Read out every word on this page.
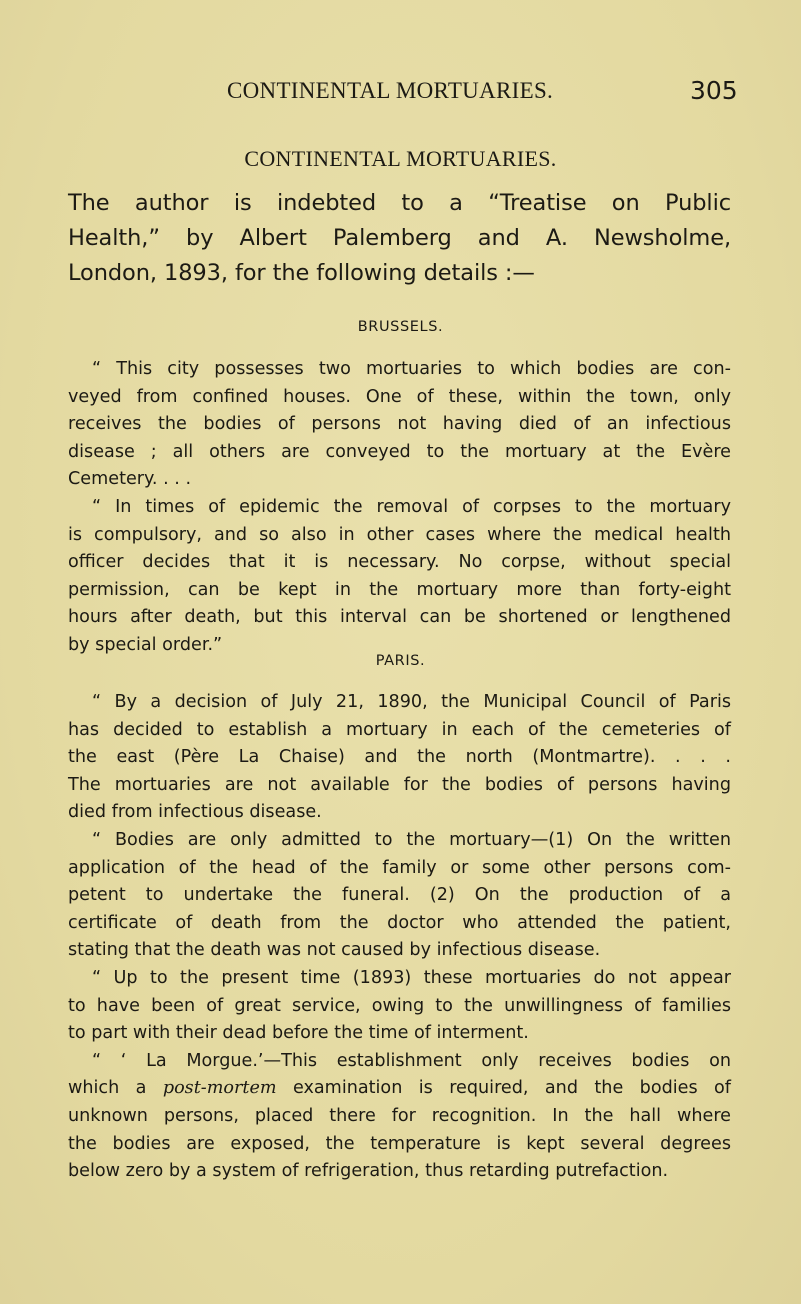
CONTINENTAL MORTUARIES.	305
CONTINENTAL MORTUARIES.
The author is indebted to a “Treatise on Public
Health,” by Albert Palemberg and A. Newsholme,
London, 1893, for the following details :—
BRUSSELS.
“ This city possesses two mortuaries to which bodies are con-
veyed from confined houses. One of these, within the town, only
receives the bodies of persons not having died of an infectious
disease ; all others are conveyed to the mortuary at the Evère
Cemetery. . . .
“ In times of epidemic the removal of corpses to the mortuary
is compulsory, and so also in other cases where the medical health
officer decides that it is necessary. No corpse, without special
permission, can be kept in the mortuary more than forty-eight
hours after death, but this interval can be shortened or lengthened
by special order.”
PARIS.
“ By a decision of July 21, 1890, the Municipal Council of Paris
has decided to establish a mortuary in each of the cemeteries of
the east (Père La Chaise) and the north (Montmartre). . . .
The mortuaries are not available for the bodies of persons having
died from infectious disease.
“ Bodies are only admitted to the mortuary—(1) On the written
application of the head of the family or some other persons com-
petent to undertake the funeral. (2) On the production of a
certificate of death from the doctor who attended the patient,
stating that the death was not caused by infectious disease.
“ Up to the present time (1893) these mortuaries do not appear
to have been of great service, owing to the unwillingness of families
to part with their dead before the time of interment.
“ ‘ La Morgue.’—This establishment only receives bodies on
which a post-mortem examination is required, and the bodies of
unknown persons, placed there for recognition. In the hall where
the bodies are exposed, the temperature is kept several degrees
below zero by a system of refrigeration, thus retarding putrefaction.
